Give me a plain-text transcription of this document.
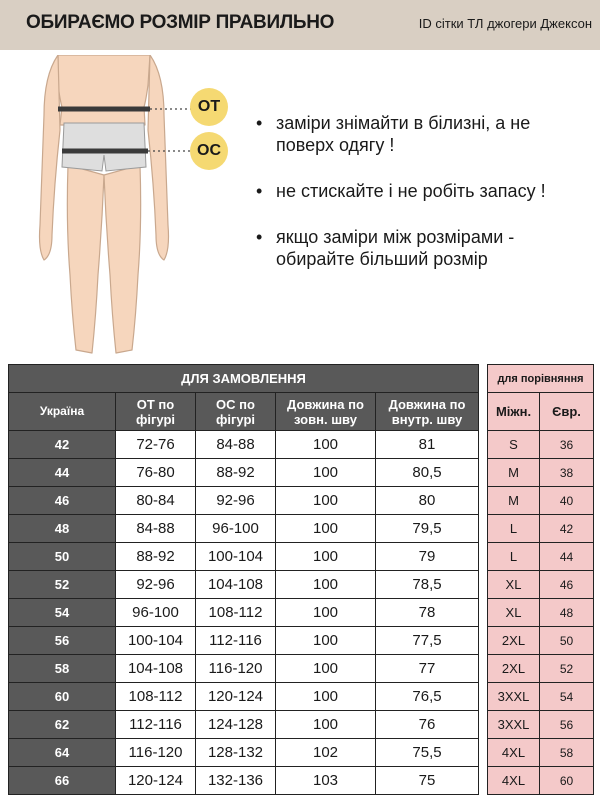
ОБИРАЄМО РОЗМІР ПРАВИЛЬНО	ID сітки ТЛ джогери Джексон
ОТ
ОС
• заміри знімайти в білизні, а не поверх одягу !
• не стискайте і не робіть запасу !
• якщо заміри між розмірами - обирайте більший розмір
ДЛЯ ЗАМОВЛЕННЯ				
Україна	ОТ по фігурі	ОС по фігурі	Довжина по зовн. шву	Довжина по внутр. шву
42	72-76	84-88	100	81
44	76-80	88-92	100	80,5
46	80-84	92-96	100	80
48	84-88	96-100	100	79,5
50	88-92	100-104	100	79
52	92-96	104-108	100	78,5
54	96-100	108-112	100	78
56	100-104	112-116	100	77,5
58	104-108	116-120	100	77
60	108-112	120-124	100	76,5
62	112-116	124-128	100	76
64	116-120	128-132	102	75,5
66	120-124	132-136	103	75
для порівняння	
Міжн.	Євр.
S	36
M	38
M	40
L	42
L	44
XL	46
XL	48
2XL	50
2XL	52
3XXL	54
3XXL	56
4XL	58
4XL	60
